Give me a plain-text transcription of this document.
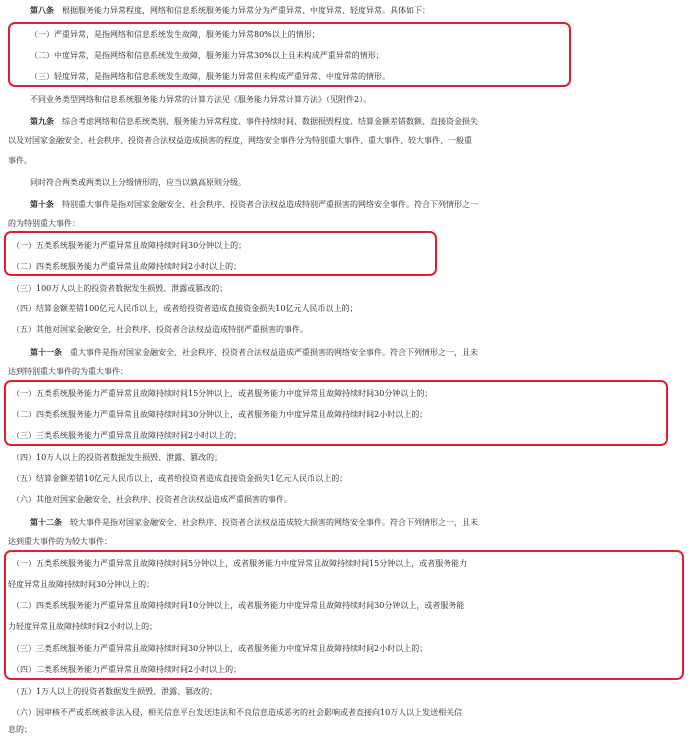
第八条　 根据服务能力异常程度，网络和信息系统服务能力异常分为严重异常、中度异常、轻度异常。具体如下：
（一）严重异常，是指网络和信息系统发生故障，服务能力异常80%以上的情形；
（二）中度异常，是指网络和信息系统发生故障，服务能力异常30%以上且未构成严重异常的情形；
（三）轻度异常，是指网络和信息系统发生故障，服务能力异常但未构成严重异常、中度异常的情形。
不同业务类型网络和信息系统服务能力异常的计算方法见《服务能力异常计算方法》（见附件2）。
第九条　 综合考虑网络和信息系统类别、服务能力异常程度、事件持续时间、数据损毁程度、结算金额差错数额、直接资金损失
以及对国家金融安全、社会秩序、投资者合法权益造成损害的程度，网络安全事件分为特别重大事件、重大事件、较大事件、一般重
事件。
同时符合两类或两类以上分级情形的，应当以孰高原则分级。
第十条　 特别重大事件是指对国家金融安全、社会秩序、投资者合法权益造成特别严重损害的网络安全事件。符合下列情形之一
的为特别重大事件：
（一）五类系统服务能力严重异常且故障持续时间30分钟以上的；
（二）四类系统服务能力严重异常且故障持续时间2小时以上的；
（三）100万人以上的投资者数据发生损毁、泄露或篡改的；
（四）结算金额差错100亿元人民币以上，或者给投资者造成直接资金损失10亿元人民币以上的；
（五）其他对国家金融安全、社会秩序、投资者合法权益造成特别严重损害的事件。
第十一条　 重大事件是指对国家金融安全、社会秩序、投资者合法权益造成严重损害的网络安全事件。符合下列情形之一，且未
达到特别重大事件的为重大事件：
（一）五类系统服务能力严重异常且故障持续时间15分钟以上，或者服务能力中度异常且故障持续时间30分钟以上的；
（二）四类系统服务能力严重异常且故障持续时间30分钟以上，或者服务能力中度异常且故障持续时间2小时以上的；
（三）三类系统服务能力严重异常且故障持续时间2小时以上的；
（四）10万人以上的投资者数据发生损毁、泄露、篡改的；
（五）结算金额差错10亿元人民币以上，或者给投资者造成直接资金损失1亿元人民币以上的；
（六）其他对国家金融安全、社会秩序、投资者合法权益造成严重损害的事件。
第十二条　 较大事件是指对国家金融安全、社会秩序、投资者合法权益造成较大损害的网络安全事件。符合下列情形之一，且未
达到重大事件的为较大事件：
（一）五类系统服务能力严重异常且故障持续时间5分钟以上，或者服务能力中度异常且故障持续时间15分钟以上，或者服务能力
轻度异常且故障持续时间30分钟以上的；
（二）四类系统服务能力严重异常且故障持续时间10分钟以上，或者服务能力中度异常且故障持续时间30分钟以上，或者服务能
力轻度异常且故障持续时间2小时以上的；
（三）三类系统服务能力严重异常且故障持续时间30分钟以上，或者服务能力中度异常且故障持续时间2小时以上的；
（四）二类系统服务能力严重异常且故障持续时间2小时以上的；
（五）1万人以上的投资者数据发生损毁、泄露、篡改的；
（六）因审核不严或系统被非法入侵，相关信息平台发送违法和不良信息造成恶劣的社会影响或者直接向10万人以上发送相关信
息的；
